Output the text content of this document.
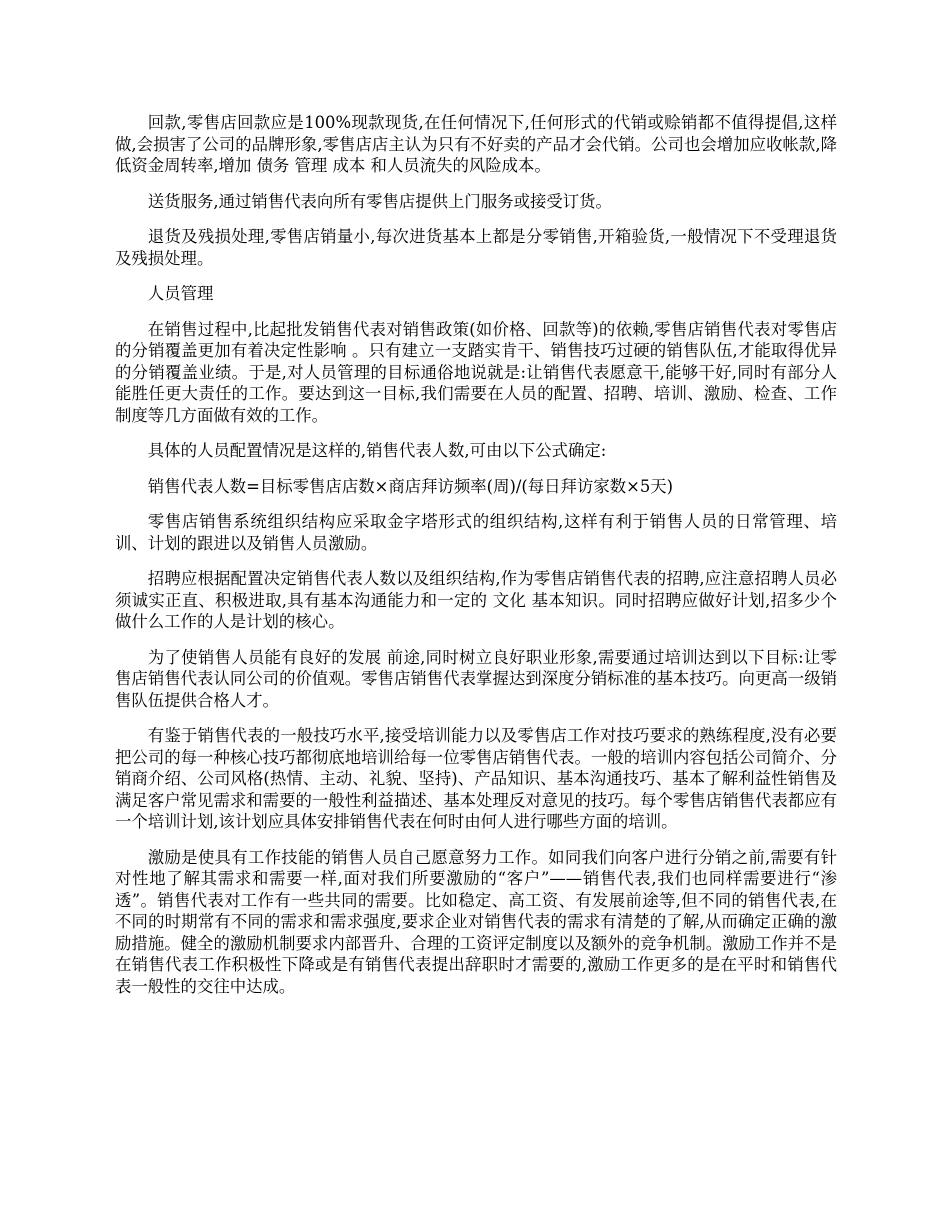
回款,零售店回款应是100%现款现货,在任何情况下,任何形式的代销或赊销都不值得提倡,这样做,会损害了公司的品牌形象,零售店店主认为只有不好卖的产品才会代销。公司也会增加应收帐款,降低资金周转率,增加 债务 管理 成本 和人员流失的风险成本。

送货服务,通过销售代表向所有零售店提供上门服务或接受订货。

退货及残损处理,零售店销量小,每次进货基本上都是分零销售,开箱验货,一般情况下不受理退货及残损处理。

人员管理

在销售过程中,比起批发销售代表对销售政策(如价格、回款等)的依赖,零售店销售代表对零售店的分销覆盖更加有着决定性影响 。只有建立一支踏实肯干、销售技巧过硬的销售队伍,才能取得优异的分销覆盖业绩。于是,对人员管理的目标通俗地说就是:让销售代表愿意干,能够干好,同时有部分人能胜任更大责任的工作。要达到这一目标,我们需要在人员的配置、招聘、培训、激励、检查、工作制度等几方面做有效的工作。

具体的人员配置情况是这样的,销售代表人数,可由以下公式确定:

销售代表人数=目标零售店店数×商店拜访频率(周)/(每日拜访家数×5天)

零售店销售系统组织结构应采取金字塔形式的组织结构,这样有利于销售人员的日常管理、培训、计划的跟进以及销售人员激励。

招聘应根据配置决定销售代表人数以及组织结构,作为零售店销售代表的招聘,应注意招聘人员必须诚实正直、积极进取,具有基本沟通能力和一定的 文化 基本知识。同时招聘应做好计划,招多少个做什么工作的人是计划的核心。

为了使销售人员能有良好的发展 前途,同时树立良好职业形象,需要通过培训达到以下目标:让零售店销售代表认同公司的价值观。零售店销售代表掌握达到深度分销标准的基本技巧。向更高一级销售队伍提供合格人才。

有鉴于销售代表的一般技巧水平,接受培训能力以及零售店工作对技巧要求的熟练程度,没有必要把公司的每一种核心技巧都彻底地培训给每一位零售店销售代表。一般的培训内容包括公司简介、分销商介绍、公司风格(热情、主动、礼貌、坚持)、产品知识、基本沟通技巧、基本了解利益性销售及满足客户常见需求和需要的一般性利益描述、基本处理反对意见的技巧。每个零售店销售代表都应有一个培训计划,该计划应具体安排销售代表在何时由何人进行哪些方面的培训。

激励是使具有工作技能的销售人员自己愿意努力工作。如同我们向客户进行分销之前,需要有针对性地了解其需求和需要一样,面对我们所要激励的“客户”——销售代表,我们也同样需要进行“渗透”。销售代表对工作有一些共同的需要。比如稳定、高工资、有发展前途等,但不同的销售代表,在不同的时期常有不同的需求和需求强度,要求企业对销售代表的需求有清楚的了解,从而确定正确的激励措施。健全的激励机制要求内部晋升、合理的工资评定制度以及额外的竞争机制。激励工作并不是在销售代表工作积极性下降或是有销售代表提出辞职时才需要的,激励工作更多的是在平时和销售代表一般性的交往中达成。
